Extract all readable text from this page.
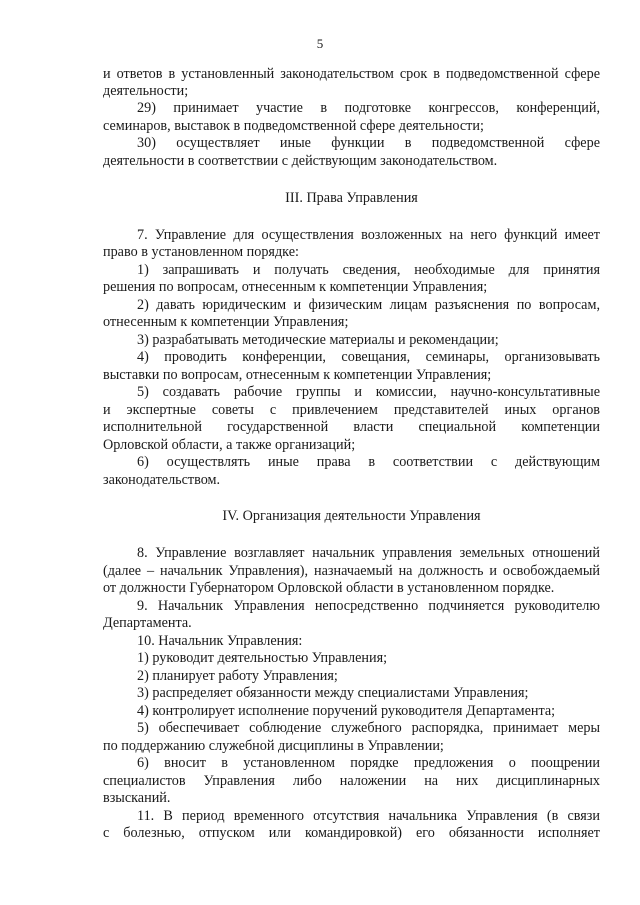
5
и ответов в установленный законодательством срок в подведомственной сфере
деятельности;
29) принимает участие в подготовке конгрессов, конференций,
семинаров, выставок в подведомственной сфере деятельности;
30) осуществляет иные функции в подведомственной сфере
деятельности в соответствии с действующим законодательством.
III. Права Управления
7. Управление для осуществления возложенных на него функций имеет
право в установленном порядке:
1) запрашивать и получать сведения, необходимые для принятия
решения по вопросам, отнесенным к компетенции Управления;
2) давать юридическим и физическим лицам разъяснения по вопросам,
отнесенным к компетенции Управления;
3) разрабатывать методические материалы и рекомендации;
4) проводить конференции, совещания, семинары, организовывать
выставки по вопросам, отнесенным к компетенции Управления;
5) создавать рабочие группы и комиссии, научно-консультативные
и экспертные советы с привлечением представителей иных органов
исполнительной государственной власти специальной компетенции
Орловской области, а также организаций;
6) осуществлять иные права в соответствии с действующим
законодательством.
IV. Организация деятельности Управления
8. Управление возглавляет начальник управления земельных отношений
(далее – начальник Управления), назначаемый на должность и освобождаемый
от должности Губернатором Орловской области в установленном порядке.
9. Начальник Управления непосредственно подчиняется руководителю
Департамента.
10. Начальник Управления:
1) руководит деятельностью Управления;
2) планирует работу Управления;
3) распределяет обязанности между специалистами Управления;
4) контролирует исполнение поручений руководителя Департамента;
5) обеспечивает соблюдение служебного распорядка, принимает меры
по поддержанию служебной дисциплины в Управлении;
6) вносит в установленном порядке предложения о поощрении
специалистов Управления либо наложении на них дисциплинарных
взысканий.
11. В период временного отсутствия начальника Управления (в связи
с болезнью, отпуском или командировкой) его обязанности исполняет
